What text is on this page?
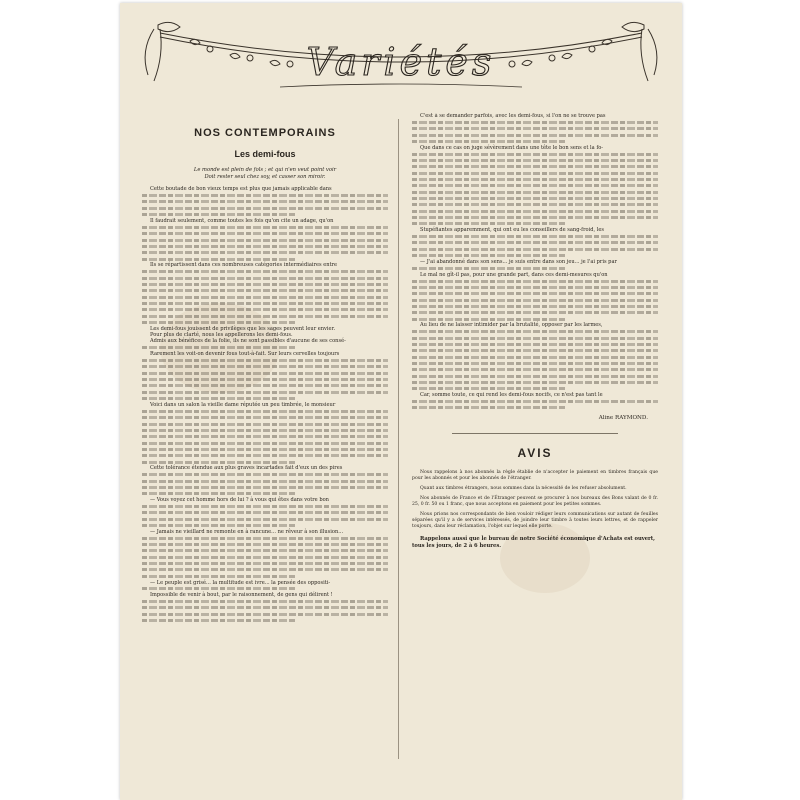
Variétés
NOS CONTEMPORAINS
Les demi-fous
Le monde est plein de fols ; et qui n'en veut point voir
Doit rester seul chez soy, et casser son miroir.

Cette boutade de bon vieux temps est plus que jamais applicable dans

Il faudrait seulement, comme toutes les fois qu'on cite un adage, qu'on

Ils se répartissent dans ces nombreuses catégories intermédiaires entre

Les demi-fous jouissent de privilèges que les sages peuvent leur envier.

Pour plus de clarté, nous les appellerons les demi-fous.

Admis aux bénéfices de la folie, ils ne sont passibles d'aucune de ses consé-

Rarement les voit-on devenir fous tout-à-fait. Sur leurs cervelles toujours

Voici dans un salon la vieille dame réputée un peu timbrée, le monsieur

Cette tolérance étendue aux plus graves incartades fait d'eux un des pires

— Vous voyez cet homme hors de lui ? à vous qui êtes dans votre bon

— Jamais ne vieillard ne remonte en à rancune... ne rêveur à son illusion...

— Le peuple est grisé... la multitude est ivre... la pensée des oppositi-

Impossible de venir à bout, par le raisonnement, de gens qui délirent !

C'est à se demander parfois, avec les demi-fous, si l'on ne se trouve pas

Que dans ce cas on juge sévèrement dans une tête le bon sens et la fo-

Stupéfiantes apparemment, qui ont eu les conseillers de sang-froid, les

— J'ai abandonné dans son sens... je suis entre dans son jeu... je l'ai pris par

Le mal ne gît-il pas, pour une grande part, dans ces demi-mesures qu'on

Au lieu de ne laisser intimider par la brutalité, opposer par les larmes,

Car, somme toute, ce qui rend les demi-fous nocifs, ce n'est pas tant le

Aline RAYMOND.
AVIS

Nous rappelons à nos abonnés la règle établie de n'accepter le paiement en timbres français que pour les abonnés et pour les abonnés de l'étranger.

Quant aux timbres étrangers, nous sommes dans la nécessité de les refuser absolument.

Nos abonnés de France et de l'Étranger peuvent se procurer à nos bureaux des Bons valant de 0 fr. 25, 0 fr. 50 ou 1 franc, que nous acceptons en paiement pour les petites sommes.

Nous prions nos correspondants de bien vouloir rédiger leurs communications sur autant de feuilles séparées qu'il y a de services intéressés, de joindre leur timbre à toutes leurs lettres, et de rappeler toujours, dans leur réclamation, l'objet sur lequel elle porte.

Rappelons aussi que le bureau de notre Société économique d'Achats est ouvert, tous les jours, de 2 à 6 heures.
